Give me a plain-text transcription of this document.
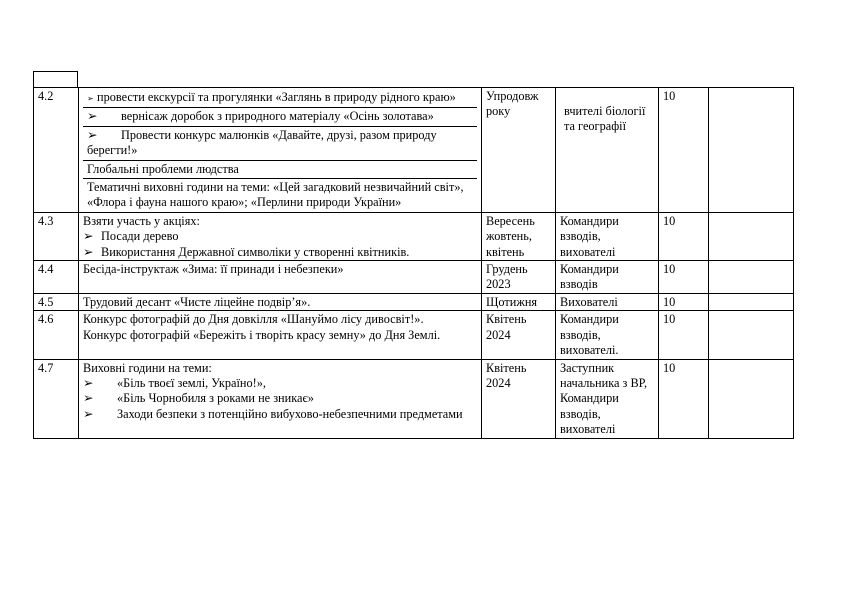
4.2	➢ провести екскурсії та прогулянки «Заглянь в природу рідного краю»
➢ вернісаж доробок з природного матеріалу «Осінь золотава»
➢ Провести конкурс малюнків «Давайте, друзі, разом природу берегти!»
Глобальні проблеми людства
Тематичні виховні години на теми: «Цей загадковий незвичайний світ», «Флора і фауна нашого краю»; «Перлини природи України»	Упродовж року	вчителі біології та географії	10	
4.3	Взяти участь у акціях:
➢ Посади дерево
➢ Використання Державної символіки у створенні квітників.	Вересень жовтень, квітень	Командири взводів, вихователі	10	
4.4	Бесіда-інструктаж «Зима: її принади і небезпеки»	Грудень 2023	Командири взводів	10	
4.5	Трудовий десант «Чисте ліцейне подвір’я».	Щотижня	Вихователі	10	
4.6	Конкурс фотографій до Дня довкілля «Шануймо лісу дивосвіт!».
Конкурс фотографій «Бережіть і творіть красу земну» до Дня Землі.	Квітень 2024	Командири взводів, вихователі.	10	
4.7	Виховні години на теми:
➢ «Біль твоєї землі, Україно!»,
➢ «Біль Чорнобиля з роками не зникає»
➢ Заходи безпеки з потенційно вибухово-небезпечними предметами	Квітень 2024	Заступник начальника з ВР, Командири взводів, вихователі	10	
